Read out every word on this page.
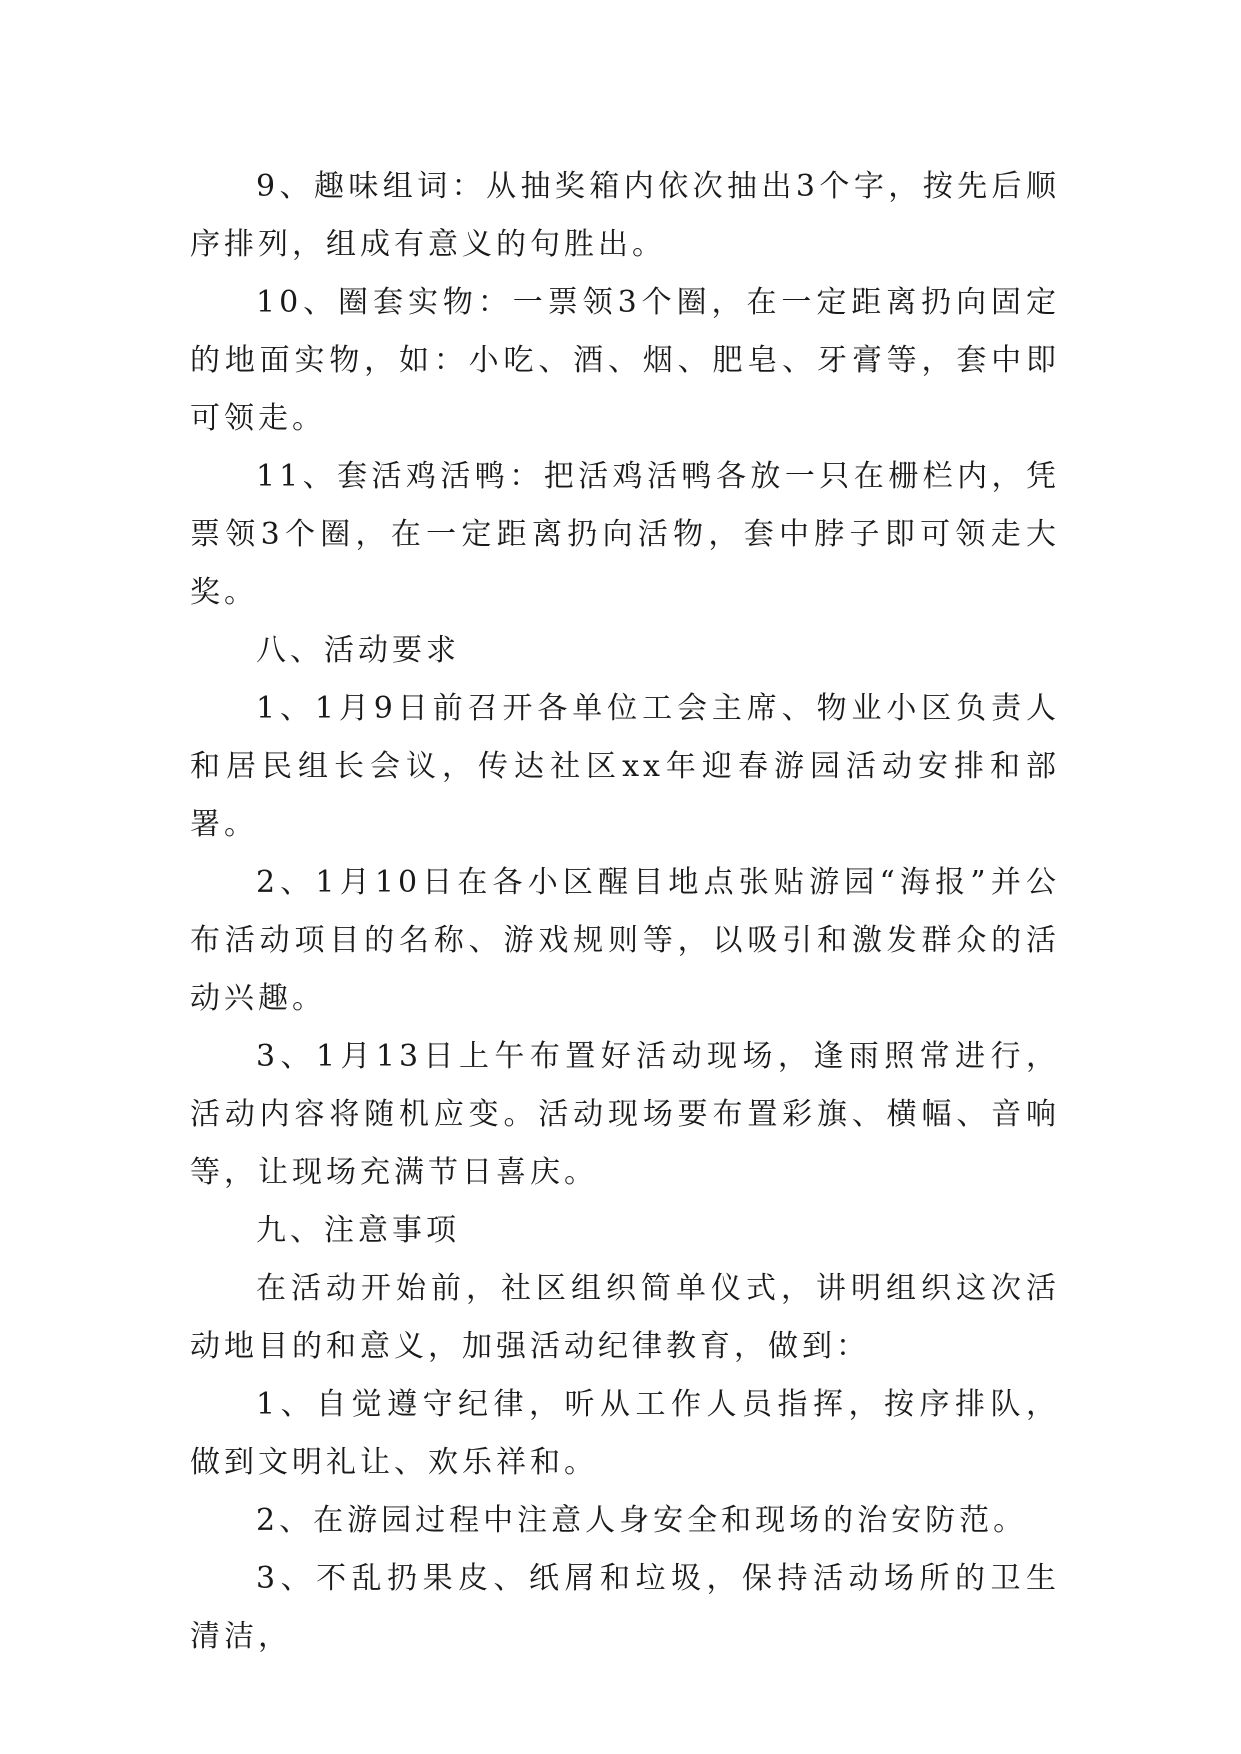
9、趣味组词：从抽奖箱内依次抽出3个字，按先后顺序排列，组成有意义的句胜出。

10、圈套实物：一票领3个圈，在一定距离扔向固定的地面实物，如：小吃、酒、烟、肥皂、牙膏等，套中即可领走。

11、套活鸡活鸭：把活鸡活鸭各放一只在栅栏内，凭票领3个圈，在一定距离扔向活物，套中脖子即可领走大奖。

八、活动要求

1、1月9日前召开各单位工会主席、物业小区负责人和居民组长会议，传达社区xx年迎春游园活动安排和部署。

2、1月10日在各小区醒目地点张贴游园“海报”并公布活动项目的名称、游戏规则等，以吸引和激发群众的活动兴趣。

3、1月13日上午布置好活动现场，逢雨照常进行，活动内容将随机应变。活动现场要布置彩旗、横幅、音响等，让现场充满节日喜庆。

九、注意事项

在活动开始前，社区组织简单仪式，讲明组织这次活动地目的和意义，加强活动纪律教育，做到：

1、自觉遵守纪律，听从工作人员指挥，按序排队，做到文明礼让、欢乐祥和。

2、在游园过程中注意人身安全和现场的治安防范。

3、不乱扔果皮、纸屑和垃圾，保持活动场所的卫生清洁，
